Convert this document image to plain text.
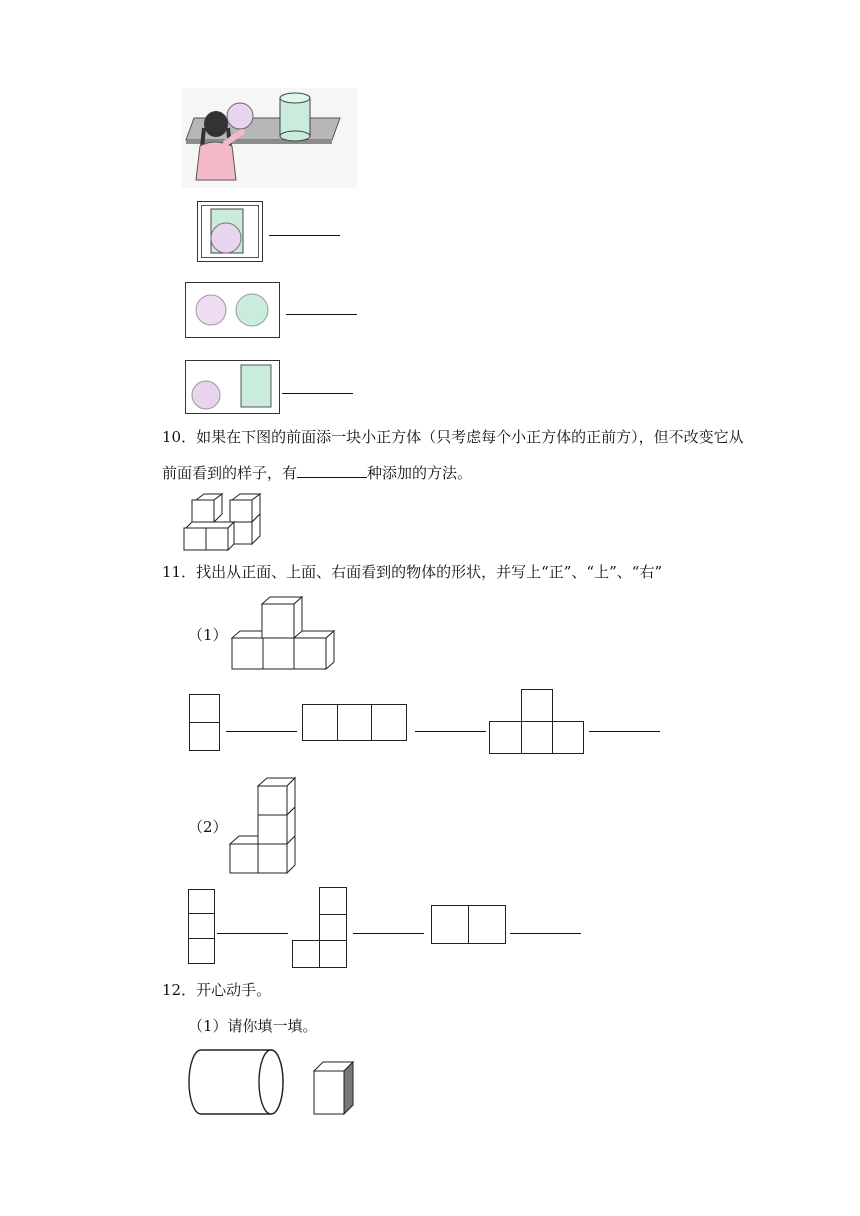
10．如果在下图的前面添一块小正方体（只考虑每个小正方体的正前方），但不改变它从
前面看到的样子，有	种添加的方法。
11．找出从正面、上面、右面看到的物体的形状，并写上“正”、“上”、“右”
（1）
（2）
12．开心动手。
（1）请你填一填。
